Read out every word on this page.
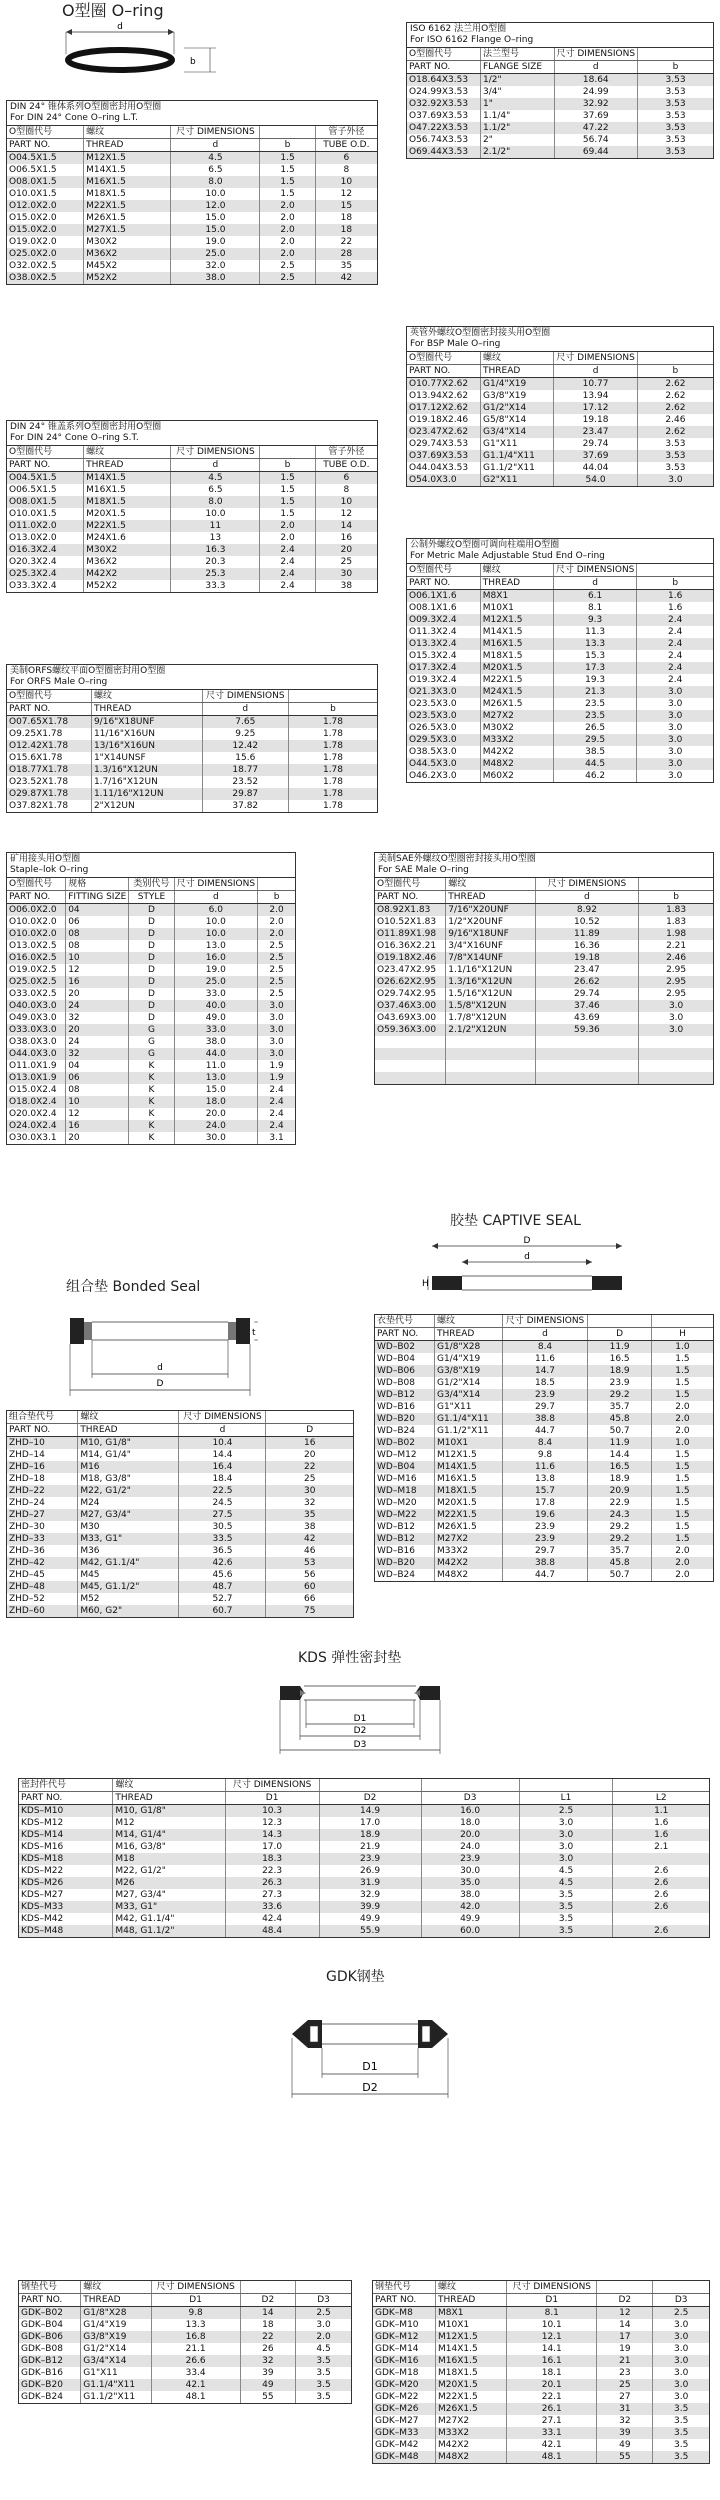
O型圈 O–ring
d
b
DIN 24° 锥体系列O型圈密封用O型圈
For DIN 24° Cone O–ring L.T.
O型圈代号	螺纹	尺寸 DIMENSIONS		管子外径
PART NO.	THREAD	d	b	TUBE O.D.
O04.5X1.5	M12X1.5	4.5	1.5	6
O06.5X1.5	M14X1.5	6.5	1.5	8
O08.0X1.5	M16X1.5	8.0	1.5	10
O10.0X1.5	M18X1.5	10.0	1.5	12
O12.0X2.0	M22X1.5	12.0	2.0	15
O15.0X2.0	M26X1.5	15.0	2.0	18
O15.0X2.0	M27X1.5	15.0	2.0	18
O19.0X2.0	M30X2	19.0	2.0	22
O25.0X2.0	M36X2	25.0	2.0	28
O32.0X2.5	M45X2	32.0	2.5	35
O38.0X2.5	M52X2	38.0	2.5	42
ISO 6162 法兰用O型圈
For ISO 6162 Flange O–ring
O型圈代号	法兰型号	尺寸 DIMENSIONS	
PART NO.	FLANGE SIZE	d	b
O18.64X3.53	1/2"	18.64	3.53
O24.99X3.53	3/4"	24.99	3.53
O32.92X3.53	1"	32.92	3.53
O37.69X3.53	1.1/4"	37.69	3.53
O47.22X3.53	1.1/2"	47.22	3.53
O56.74X3.53	2"	56.74	3.53
O69.44X3.53	2.1/2"	69.44	3.53
英管外螺纹O型圈密封接头用O型圈
For BSP Male O–ring
O型圈代号	螺纹	尺寸 DIMENSIONS	
PART NO.	THREAD	d	b
O10.77X2.62	G1/4"X19	10.77	2.62
O13.94X2.62	G3/8"X19	13.94	2.62
O17.12X2.62	G1/2"X14	17.12	2.62
O19.18X2.46	G5/8"X14	19.18	2.46
O23.47X2.62	G3/4"X14	23.47	2.62
O29.74X3.53	G1"X11	29.74	3.53
O37.69X3.53	G1.1/4"X11	37.69	3.53
O44.04X3.53	G1.1/2"X11	44.04	3.53
O54.0X3.0	G2"X11	54.0	3.0
DIN 24° 锥盖系列O型圈密封用O型圈
For DIN 24° Cone O–ring S.T.
O型圈代号	螺纹	尺寸 DIMENSIONS		管子外径
PART NO.	THREAD	d	b	TUBE O.D.
O04.5X1.5	M14X1.5	4.5	1.5	6
O06.5X1.5	M16X1.5	6.5	1.5	8
O08.0X1.5	M18X1.5	8.0	1.5	10
O10.0X1.5	M20X1.5	10.0	1.5	12
O11.0X2.0	M22X1.5	11	2.0	14
O13.0X2.0	M24X1.6	13	2.0	16
O16.3X2.4	M30X2	16.3	2.4	20
O20.3X2.4	M36X2	20.3	2.4	25
O25.3X2.4	M42X2	25.3	2.4	30
O33.3X2.4	M52X2	33.3	2.4	38
公制外螺纹O型圈可调向柱端用O型圈
For Metric Male Adjustable Stud End O–ring
O型圈代号	螺纹	尺寸 DIMENSIONS	
PART NO.	THREAD	d	b
O06.1X1.6	M8X1	6.1	1.6
O08.1X1.6	M10X1	8.1	1.6
O09.3X2.4	M12X1.5	9.3	2.4
O11.3X2.4	M14X1.5	11.3	2.4
O13.3X2.4	M16X1.5	13.3	2.4
O15.3X2.4	M18X1.5	15.3	2.4
O17.3X2.4	M20X1.5	17.3	2.4
O19.3X2.4	M22X1.5	19.3	2.4
O21.3X3.0	M24X1.5	21.3	3.0
O23.5X3.0	M26X1.5	23.5	3.0
O23.5X3.0	M27X2	23.5	3.0
O26.5X3.0	M30X2	26.5	3.0
O29.5X3.0	M33X2	29.5	3.0
O38.5X3.0	M42X2	38.5	3.0
O44.5X3.0	M48X2	44.5	3.0
O46.2X3.0	M60X2	46.2	3.0
美制ORFS螺纹平面O型圈密封用O型圈
For ORFS Male O–ring
O型圈代号	螺纹	尺寸 DIMENSIONS	
PART NO.	THREAD	d	b
O07.65X1.78	9/16"X18UNF	7.65	1.78
O9.25X1.78	11/16"X16UN	9.25	1.78
O12.42X1.78	13/16"X16UN	12.42	1.78
O15.6X1.78	1"X14UNSF	15.6	1.78
O18.77X1.78	1.3/16"X12UN	18.77	1.78
O23.52X1.78	1.7/16"X12UN	23.52	1.78
O29.87X1.78	1.11/16"X12UN	29.87	1.78
O37.82X1.78	2"X12UN	37.82	1.78
矿用接头用O型圈
Staple–lok O–ring
O型圈代号	规格	类别代号	尺寸 DIMENSIONS	
PART NO.	FITTING SIZE	STYLE	d	b
O06.0X2.0	04	D	6.0	2.0
O10.0X2.0	06	D	10.0	2.0
O10.0X2.0	08	D	10.0	2.0
O13.0X2.5	08	D	13.0	2.5
O16.0X2.5	10	D	16.0	2.5
O19.0X2.5	12	D	19.0	2.5
O25.0X2.5	16	D	25.0	2.5
O33.0X2.5	20	D	33.0	2.5
O40.0X3.0	24	D	40.0	3.0
O49.0X3.0	32	D	49.0	3.0
O33.0X3.0	20	G	33.0	3.0
O38.0X3.0	24	G	38.0	3.0
O44.0X3.0	32	G	44.0	3.0
O11.0X1.9	04	K	11.0	1.9
O13.0X1.9	06	K	13.0	1.9
O15.0X2.4	08	K	15.0	2.4
O18.0X2.4	10	K	18.0	2.4
O20.0X2.4	12	K	20.0	2.4
O24.0X2.4	16	K	24.0	2.4
O30.0X3.1	20	K	30.0	3.1
美制SAE外螺纹O型圈密封接头用O型圈
For SAE Male O–ring
O型圈代号	螺纹	尺寸 DIMENSIONS	
PART NO.	THREAD	d	b
O8.92X1.83	7/16"X20UNF	8.92	1.83
O10.52X1.83	1/2"X20UNF	10.52	1.83
O11.89X1.98	9/16"X18UNF	11.89	1.98
O16.36X2.21	3/4"X16UNF	16.36	2.21
O19.18X2.46	7/8"X14UNF	19.18	2.46
O23.47X2.95	1.1/16"X12UN	23.47	2.95
O26.62X2.95	1.3/16"X12UN	26.62	2.95
O29.74X2.95	1.5/16"X12UN	29.74	2.95
O37.46X3.00	1.5/8"X12UN	37.46	3.0
O43.69X3.00	1.7/8"X12UN	43.69	3.0
O59.36X3.00	2.1/2"X12UN	59.36	3.0

胶垫 CAPTIVE SEAL
D
d
H
衣垫代号	螺纹	尺寸 DIMENSIONS		
PART NO.	THREAD	d	D	H
WD–B02	G1/8"X28	8.4	11.9	1.0
WD–B04	G1/4"X19	11.6	16.5	1.5
WD–B06	G3/8"X19	14.7	18.9	1.5
WD–B08	G1/2"X14	18.5	23.9	1.5
WD–B12	G3/4"X14	23.9	29.2	1.5
WD–B16	G1"X11	29.7	35.7	2.0
WD–B20	G1.1/4"X11	38.8	45.8	2.0
WD–B24	G1.1/2"X11	44.7	50.7	2.0
WD–B02	M10X1	8.4	11.9	1.0
WD–M12	M12X1.5	9.8	14.4	1.5
WD–B04	M14X1.5	11.6	16.5	1.5
WD–M16	M16X1.5	13.8	18.9	1.5
WD–M18	M18X1.5	15.7	20.9	1.5
WD–M20	M20X1.5	17.8	22.9	1.5
WD–M22	M22X1.5	19.6	24.3	1.5
WD–B12	M26X1.5	23.9	29.2	1.5
WD–B12	M27X2	23.9	29.2	1.5
WD–B16	M33X2	29.7	35.7	2.0
WD–B20	M42X2	38.8	45.8	2.0
WD–B24	M48X2	44.7	50.7	2.0
组合垫 Bonded Seal
D
d
t
组合垫代号	螺纹	尺寸 DIMENSIONS	
PART NO.	THREAD	d	D
ZHD–10	M10, G1/8"	10.4	16
ZHD–14	M14, G1/4"	14.4	20
ZHD–16	M16	16.4	22
ZHD–18	M18, G3/8"	18.4	25
ZHD–22	M22, G1/2"	22.5	30
ZHD–24	M24	24.5	32
ZHD–27	M27, G3/4"	27.5	35
ZHD–30	M30	30.5	38
ZHD–33	M33, G1"	33.5	42
ZHD–36	M36	36.5	46
ZHD–42	M42, G1.1/4"	42.6	53
ZHD–45	M45	45.6	56
ZHD–48	M45, G1.1/2"	48.7	60
ZHD–52	M52	52.7	66
ZHD–60	M60, G2"	60.7	75
KDS 弹性密封垫
D1
D2
D3
密封件代号	螺纹	尺寸 DIMENSIONS				
PART NO.	THREAD	D1	D2	D3	L1	L2
KDS–M10	M10, G1/8"	10.3	14.9	16.0	2.5	1.1
KDS–M12	M12	12.3	17.0	18.0	3.0	1.6
KDS–M14	M14, G1/4"	14.3	18.9	20.0	3.0	1.6
KDS–M16	M16, G3/8"	17.0	21.9	24.0	3.0	2.1
KDS–M18	M18	18.3	23.9	23.9	3.0	
KDS–M22	M22, G1/2"	22.3	26.9	30.0	4.5	2.6
KDS–M26	M26	26.3	31.9	35.0	4.5	2.6
KDS–M27	M27, G3/4"	27.3	32.9	38.0	3.5	2.6
KDS–M33	M33, G1"	33.6	39.9	42.0	3.5	2.6
KDS–M42	M42, G1.1/4"	42.4	49.9	49.9	3.5	
KDS–M48	M48, G1.1/2"	48.4	55.9	60.0	3.5	2.6
GDK钢垫
D1
D2
钢垫代号	螺纹	尺寸 DIMENSIONS		
PART NO.	THREAD	D1	D2	D3
GDK–B02	G1/8"X28	9.8	14	2.5
GDK–B04	G1/4"X19	13.3	18	3.0
GDK–B06	G3/8"X19	16.8	22	2.0
GDK–B08	G1/2"X14	21.1	26	4.5
GDK–B12	G3/4"X14	26.6	32	3.5
GDK–B16	G1"X11	33.4	39	3.5
GDK–B20	G1.1/4"X11	42.1	49	3.5
GDK–B24	G1.1/2"X11	48.1	55	3.5
钢垫代号	螺纹	尺寸 DIMENSIONS		
PART NO.	THREAD	D1	D2	D3
GDK–M8	M8X1	8.1	12	2.5
GDK–M10	M10X1	10.1	14	3.0
GDK–M12	M12X1.5	12.1	17	3.0
GDK–M14	M14X1.5	14.1	19	3.0
GDK–M16	M16X1.5	16.1	21	3.0
GDK–M18	M18X1.5	18.1	23	3.0
GDK–M20	M20X1.5	20.1	25	3.0
GDK–M22	M22X1.5	22.1	27	3.0
GDK–M26	M26X1.5	26.1	31	3.5
GDK–M27	M27X2	27.1	32	3.5
GDK–M33	M33X2	33.1	39	3.5
GDK–M42	M42X2	42.1	49	3.5
GDK–M48	M48X2	48.1	55	3.5
